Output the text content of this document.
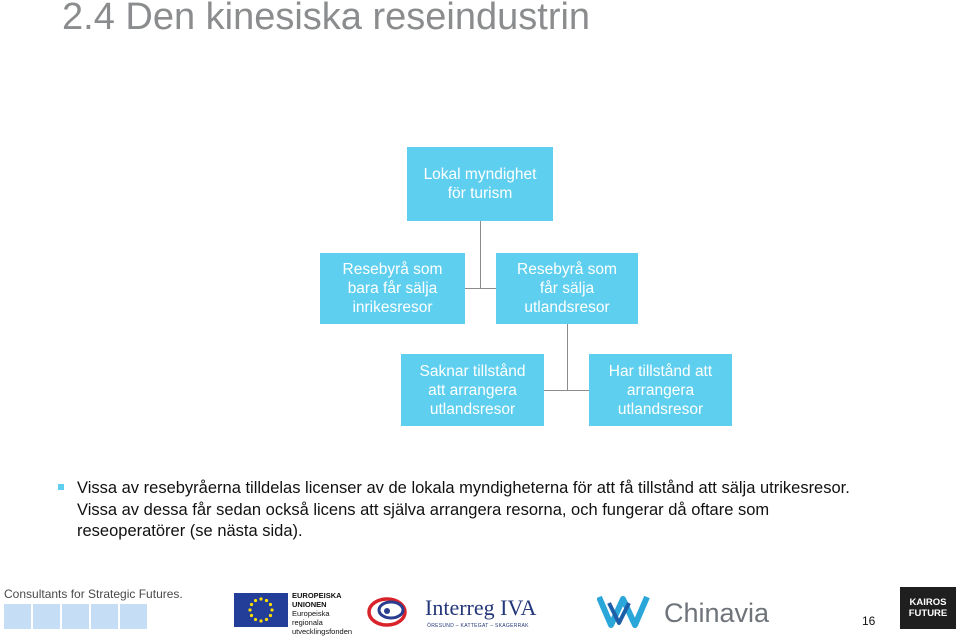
2.4 Den kinesiska reseindustrin
Lokal myndighet för turism
Resebyrå som bara får sälja inrikesresor
Resebyrå som får sälja utlandsresor
Saknar tillstånd att arrangera utlandsresor
Har tillstånd att arrangera utlandsresor
Vissa av resebyråerna tilldelas licenser av de lokala myndigheterna för att få tillstånd att sälja utrikesresor. Vissa av dessa får sedan också licens att själva arrangera resorna, och fungerar då oftare som reseoperatörer (se nästa sida).
Consultants for Strategic Futures.	EUROPEISKA
UNIONEN
Europeiska
regionala
utvecklingsfonden
Interreg IVA
ÖRESUND – KATTEGAT – SKAGERRAK	Chinavia	16
KAIROS
FUTURE
